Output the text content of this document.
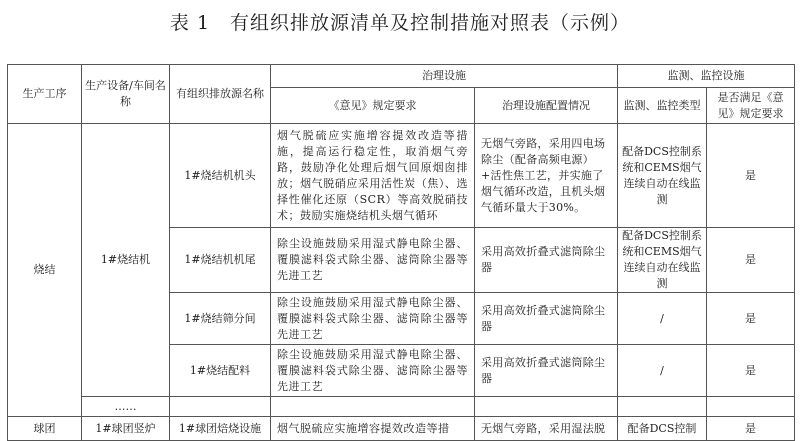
表 1　有组织排放源清单及控制措施对照表（示例）
生产工序	生产设备/车间名称	有组织排放源名称	治理设施		监测、监控设施	
			《意见》规定要求	治理设施配置情况	监测、监控类型	是否满足《意见》规定要求
烧结	1#烧结机	1#烧结机机头	烟气脱硫应实施增容提效改造等措施，提高运行稳定性，取消烟气旁路，鼓励净化处理后烟气回原烟囱排放；烟气脱硝应采用活性炭（焦）、选择性催化还原（SCR）等高效脱硝技术；鼓励实施烧结机头烟气循环	无烟气旁路，采用四电场除尘（配备高频电源）+活性焦工艺，并实施了烟气循环改造，且机头烟气循环量大于30%。	配备DCS控制系统和CEMS烟气连续自动在线监测	是
		1#烧结机机尾	除尘设施鼓励采用湿式静电除尘器、覆膜滤料袋式除尘器、滤筒除尘器等先进工艺	采用高效折叠式滤筒除尘器	配备DCS控制系统和CEMS烟气连续自动在线监测	是
		1#烧结筛分间	除尘设施鼓励采用湿式静电除尘器、覆膜滤料袋式除尘器、滤筒除尘器等先进工艺	采用高效折叠式滤筒除尘器	/	是
		1#烧结配料	除尘设施鼓励采用湿式静电除尘器、覆膜滤料袋式除尘器、滤筒除尘器等先进工艺	采用高效折叠式滤筒除尘器	/	是
	……					
球团	1#球团竖炉	1#球团焙烧设施	烟气脱硫应实施增容提效改造等措	无烟气旁路，采用湿法脱	配备DCS控制	是
